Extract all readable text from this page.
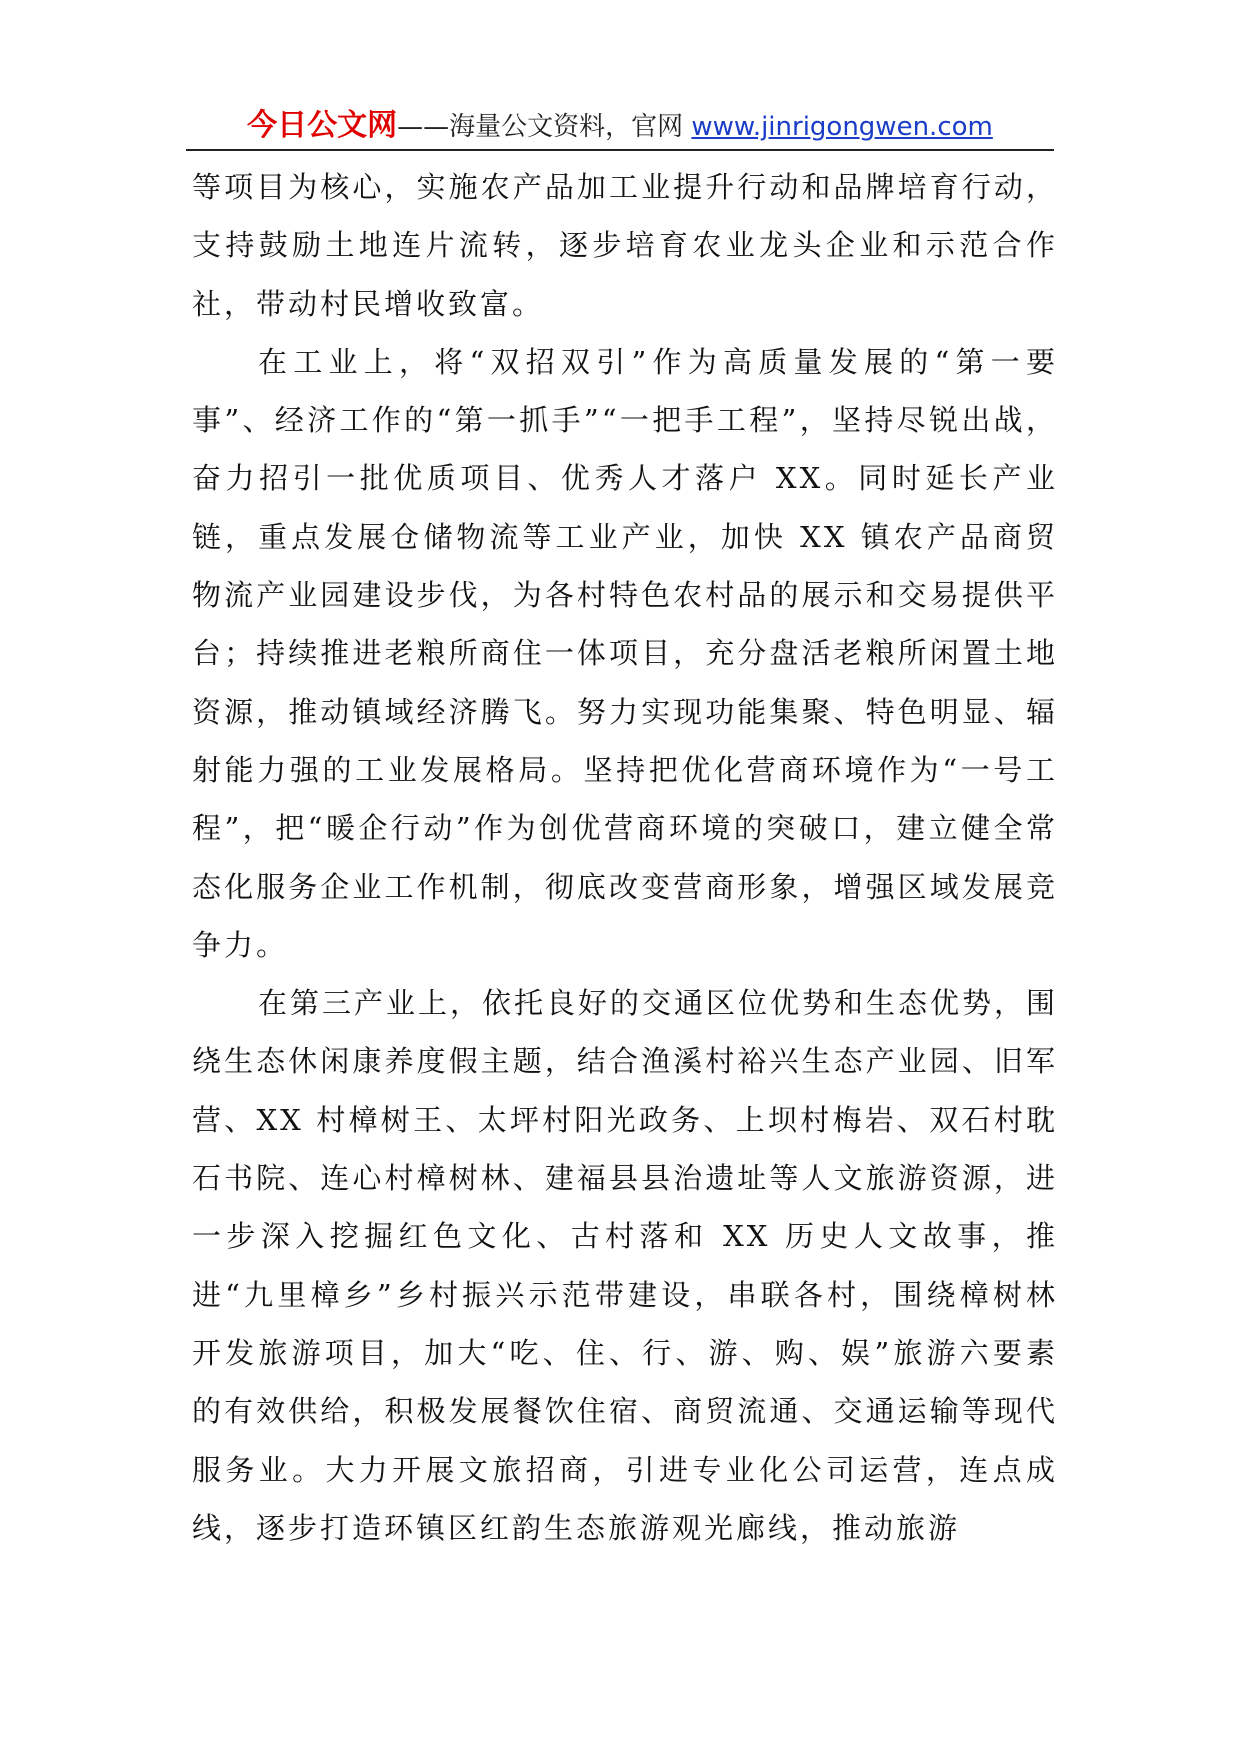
今日公文网——海量公文资料，官网 www.jinrigongwen.com

等项目为核心，实施农产品加工业提升行动和品牌培育行动，支持鼓励土地连片流转，逐步培育农业龙头企业和示范合作社，带动村民增收致富。

在工业上，将“双招双引”作为高质量发展的“第一要事”、经济工作的“第一抓手”“一把手工程”，坚持尽锐出战，奋力招引一批优质项目、优秀人才落户 XX。同时延长产业链，重点发展仓储物流等工业产业，加快 XX 镇农产品商贸物流产业园建设步伐，为各村特色农村品的展示和交易提供平台；持续推进老粮所商住一体项目，充分盘活老粮所闲置土地资源，推动镇域经济腾飞。努力实现功能集聚、特色明显、辐射能力强的工业发展格局。坚持把优化营商环境作为“一号工程”，把“暖企行动”作为创优营商环境的突破口，建立健全常态化服务企业工作机制，彻底改变营商形象，增强区域发展竞争力。

在第三产业上，依托良好的交通区位优势和生态优势，围绕生态休闲康养度假主题，结合渔溪村裕兴生态产业园、旧军营、XX 村樟树王、太坪村阳光政务、上坝村梅岩、双石村耽石书院、连心村樟树林、建福县县治遗址等人文旅游资源，进一步深入挖掘红色文化、古村落和 XX 历史人文故事，推进“九里樟乡”乡村振兴示范带建设，串联各村，围绕樟树林开发旅游项目，加大“吃、住、行、游、购、娱”旅游六要素的有效供给，积极发展餐饮住宿、商贸流通、交通运输等现代服务业。大力开展文旅招商，引进专业化公司运营，连点成线，逐步打造环镇区红韵生态旅游观光廊线，推动旅游
